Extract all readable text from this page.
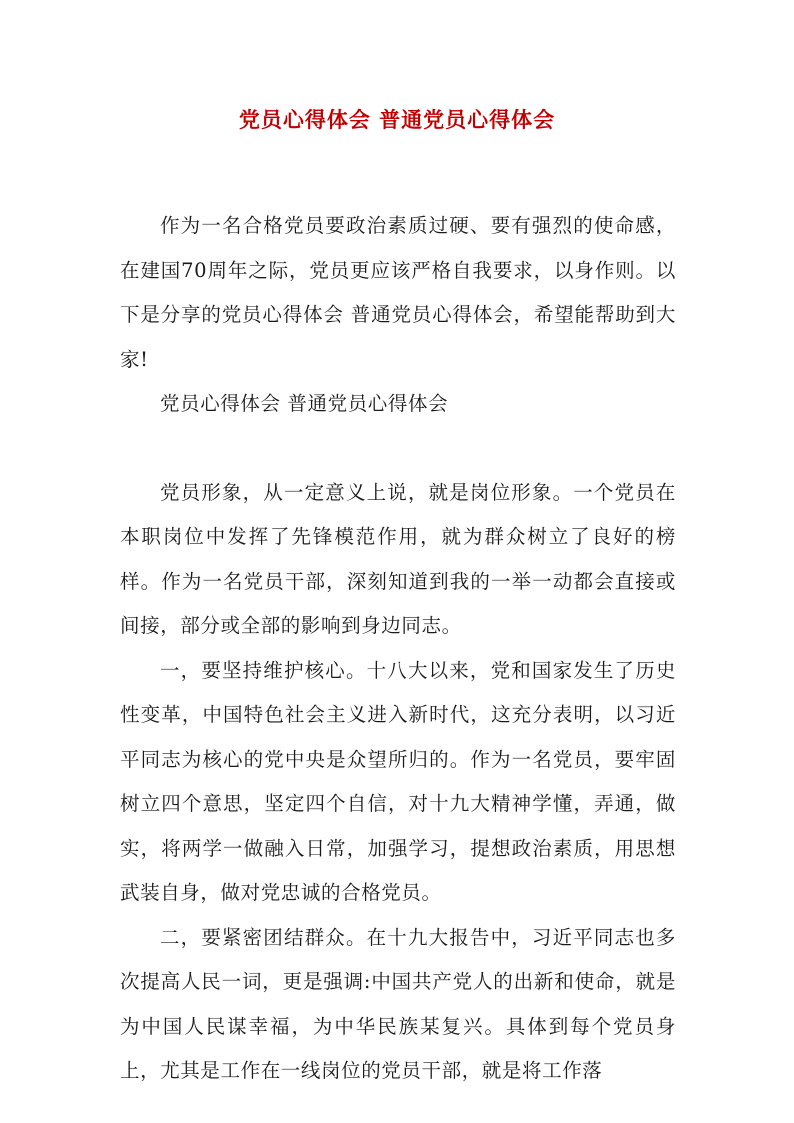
党员心得体会 普通党员心得体会

作为一名合格党员要政治素质过硬、要有强烈的使命感，在建国70周年之际，党员更应该严格自我要求，以身作则。以下是分享的党员心得体会 普通党员心得体会，希望能帮助到大家!

党员心得体会 普通党员心得体会

党员形象，从一定意义上说，就是岗位形象。一个党员在本职岗位中发挥了先锋模范作用，就为群众树立了良好的榜样。作为一名党员干部，深刻知道到我的一举一动都会直接或间接，部分或全部的影响到身边同志。

一，要坚持维护核心。十八大以来，党和国家发生了历史性变革，中国特色社会主义进入新时代，这充分表明，以习近平同志为核心的党中央是众望所归的。作为一名党员，要牢固树立四个意思，坚定四个自信，对十九大精神学懂，弄通，做实，将两学一做融入日常，加强学习，提想政治素质，用思想武装自身，做对党忠诚的合格党员。

二，要紧密团结群众。在十九大报告中，习近平同志也多次提高人民一词，更是强调:中国共产党人的出新和使命，就是为中国人民谋幸福，为中华民族某复兴。具体到每个党员身上，尤其是工作在一线岗位的党员干部，就是将工作落
